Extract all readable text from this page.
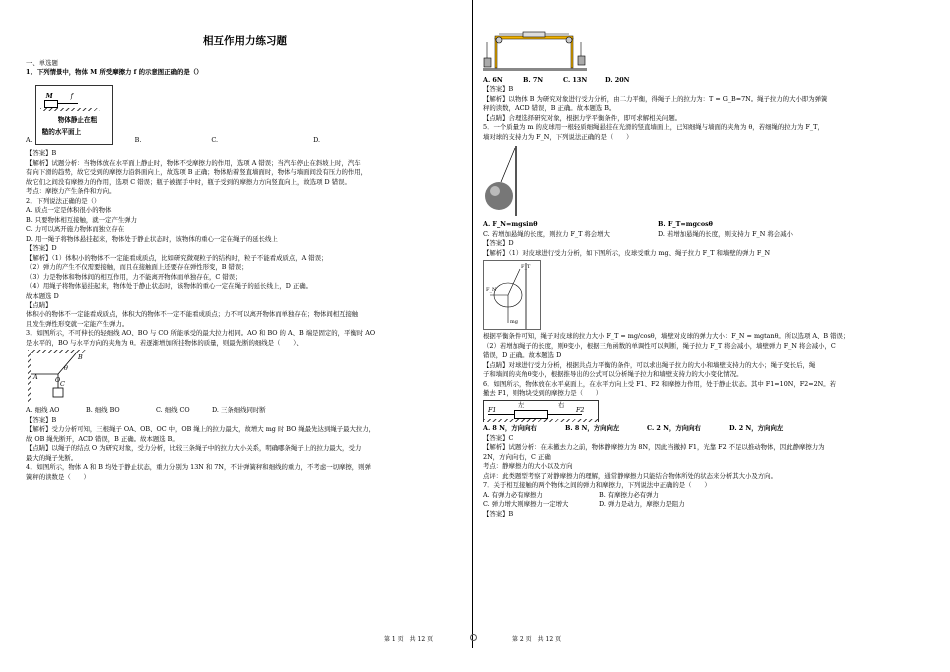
相互作用力练习题

一、单选题

1．下列情景中，物体 M 所受摩擦力 f 的示意图正确的是（）

A.
M	f

物体静止在粗

糙的水平面上

B.	C.	D.

【答案】B

【解析】试题分析：当物体放在水平面上静止时，物体不受摩擦力的作用，选项 A 错误；当汽车停止在斜坡上时，汽车

有向下滑的趋势，故它受到的摩擦力沿斜面向上，故选项 B 正确；物体贴着竖直墙面时，物体与墙面间没有压力的作用，

故它们之间没有摩擦力的作用，选项 C 错误；瓶子被握手中时，瓶子受到的摩擦力方向竖直向上，故选项 D 错误。

考点：摩擦力产生条件和方向。

2．下列说法正确的是（）

A. 质点一定是体积很小的物体

B. 只要物体相互接触，就一定产生弹力

C. 力可以离开施力物体而独立存在

D. 用一绳子将物体悬挂起来，物体处于静止状态时，该物体的重心一定在绳子的延长线上

【答案】D

【解析】（1）体积小的物体不一定能看成质点，比如研究微观粒子的结构时，粒子不能看成质点，A 错误；

（2）弹力的产生不仅需要接触，而且在接触面上还要存在弹性形变，B 错误；

（3）力是物体和物体间的相互作用，力不能离开物体而单独存在，C 错误；

（4）用绳子将物体悬挂起来，物体处于静止状态时，该物体的重心一定在绳子的延长线上，D 正确。

故本题选 D

【点睛】

体积小的物体不一定能看成质点，体积大的物体不一定不能看成质点；力不可以离开物体而单独存在；物体间相互接触

且发生弹性形变就一定能产生弹力。

3．如图所示，不可伸长的轻细线 AO、BO 与 CO 所能承受的最大拉力相同。AO 和 BO 的 A、B 端是固定的，平衡时 AO

是水平的，BO 与水平方向的夹角为 θ。若逐渐增加所挂物体的质量，则最先断的细线是（　　）、

A
B
O C
θ
A. 细线 AO	B. 细线 BO	C. 细线 CO	D. 三条细线同时断

【答案】B

【解析】受力分析可知，三根绳子 OA、OB、OC 中，OB 绳上的拉力最大，故增大 mg 时 BO 绳最先达到绳子最大拉力，

故 OB 绳先断开，ACD 错误，B 正确。故本题选 B。

【点睛】以绳子的结点 O 为研究对象，受力分析，比较三条绳子中的拉力大小关系，明确哪条绳子上的拉力最大，受力

最大的绳子先断。

4．如图所示，物体 A 和 B 均处于静止状态，重力分别为 13N 和 7N，不计弹簧秤和细线的重力，不考虑一切摩擦，则弹

簧秤的读数是（　　）

A. 6N	B. 7N	C. 13N	D. 20N

【答案】B

【解析】以物体 B 为研究对象进行受力分析，由二力平衡，得绳子上的拉力为：T = G_B=7N。绳子拉力的大小即为弹簧

秤的读数，ACD 错误，B 正确。故本题选 B。

【点睛】合理选择研究对象，根据力学平衡条件，即可求解相关问题。

5．一个质量为 m 的皮球用一根轻质细绳悬挂在光滑的竖直墙面上，已知细绳与墙面的夹角为 θ，若细绳的拉力为 F_T，

墙对球的支持力为 F_N，下列说法正确的是（　　）

A. F_N=mgsinθ	B. F_T=mgcosθ
C. 若增加悬绳的长度，则拉力 F_T 将会增大	D. 若增加悬绳的长度，则支持力 F_N 将会减小

【答案】D

【解析】（1）对皮球进行受力分析，如下图所示，皮球受重力 mg、绳子拉力 F_T 和墙壁的弹力 F_N

F_T
F_N
mg

根据平衡条件可知，绳子对皮球的拉力大小 F_T = mg/cosθ，墙壁对皮球的弹力大小：F_N = mgtanθ。所以选项 A、B 错误；

（2）若增加绳子的长度，则θ变小，根据三角函数的单调性可以判断，绳子拉力 F_T 将会减小，墙壁弹力 F_N 将会减小，C

错误，D 正确。故本题选 D

【点睛】对球进行受力分析，根据共点力平衡的条件，可以求出绳子拉力的大小和墙壁支持力的大小；绳子变长后，绳

子和墙间的夹角θ变小，根据推导出的公式可以分析绳子拉力和墙壁支持力的大小变化情况。

6．如图所示，物体放在水平桌面上，在水平方向上受 F1、F2 和摩擦力作用，处于静止状态。其中 F1=10N，F2=2N。若

撤去 F1，则物块受到的摩擦力是（　　）

左	右
F1	F2
A. 8 N，方向向右	B. 8 N，方向向左	C. 2 N，方向向右	D. 2 N，方向向左

【答案】C

【解析】试题分析：在未撤去力之前，物体静摩擦力为 8N，因此当撤掉 F1，光靠 F2 不足以推动物体，因此静摩擦力为

2N，方向向右，C 正确

考点：静摩擦力的大小以及方向

点评：此类题型考察了对静摩擦力的理解，通常静摩擦力只能结合物体所处的状态来分析其大小及方向。

7．关于相互接触的两个物体之间的弹力和摩擦力，下列说法中正确的是（　　）

A. 有弹力必有摩擦力	B. 有摩擦力必有弹力
C. 弹力增大则摩擦力一定增大	D. 弹力是动力，摩擦力是阻力

【答案】B

第 1 页　共 12 页	第 2 页　共 12 页
